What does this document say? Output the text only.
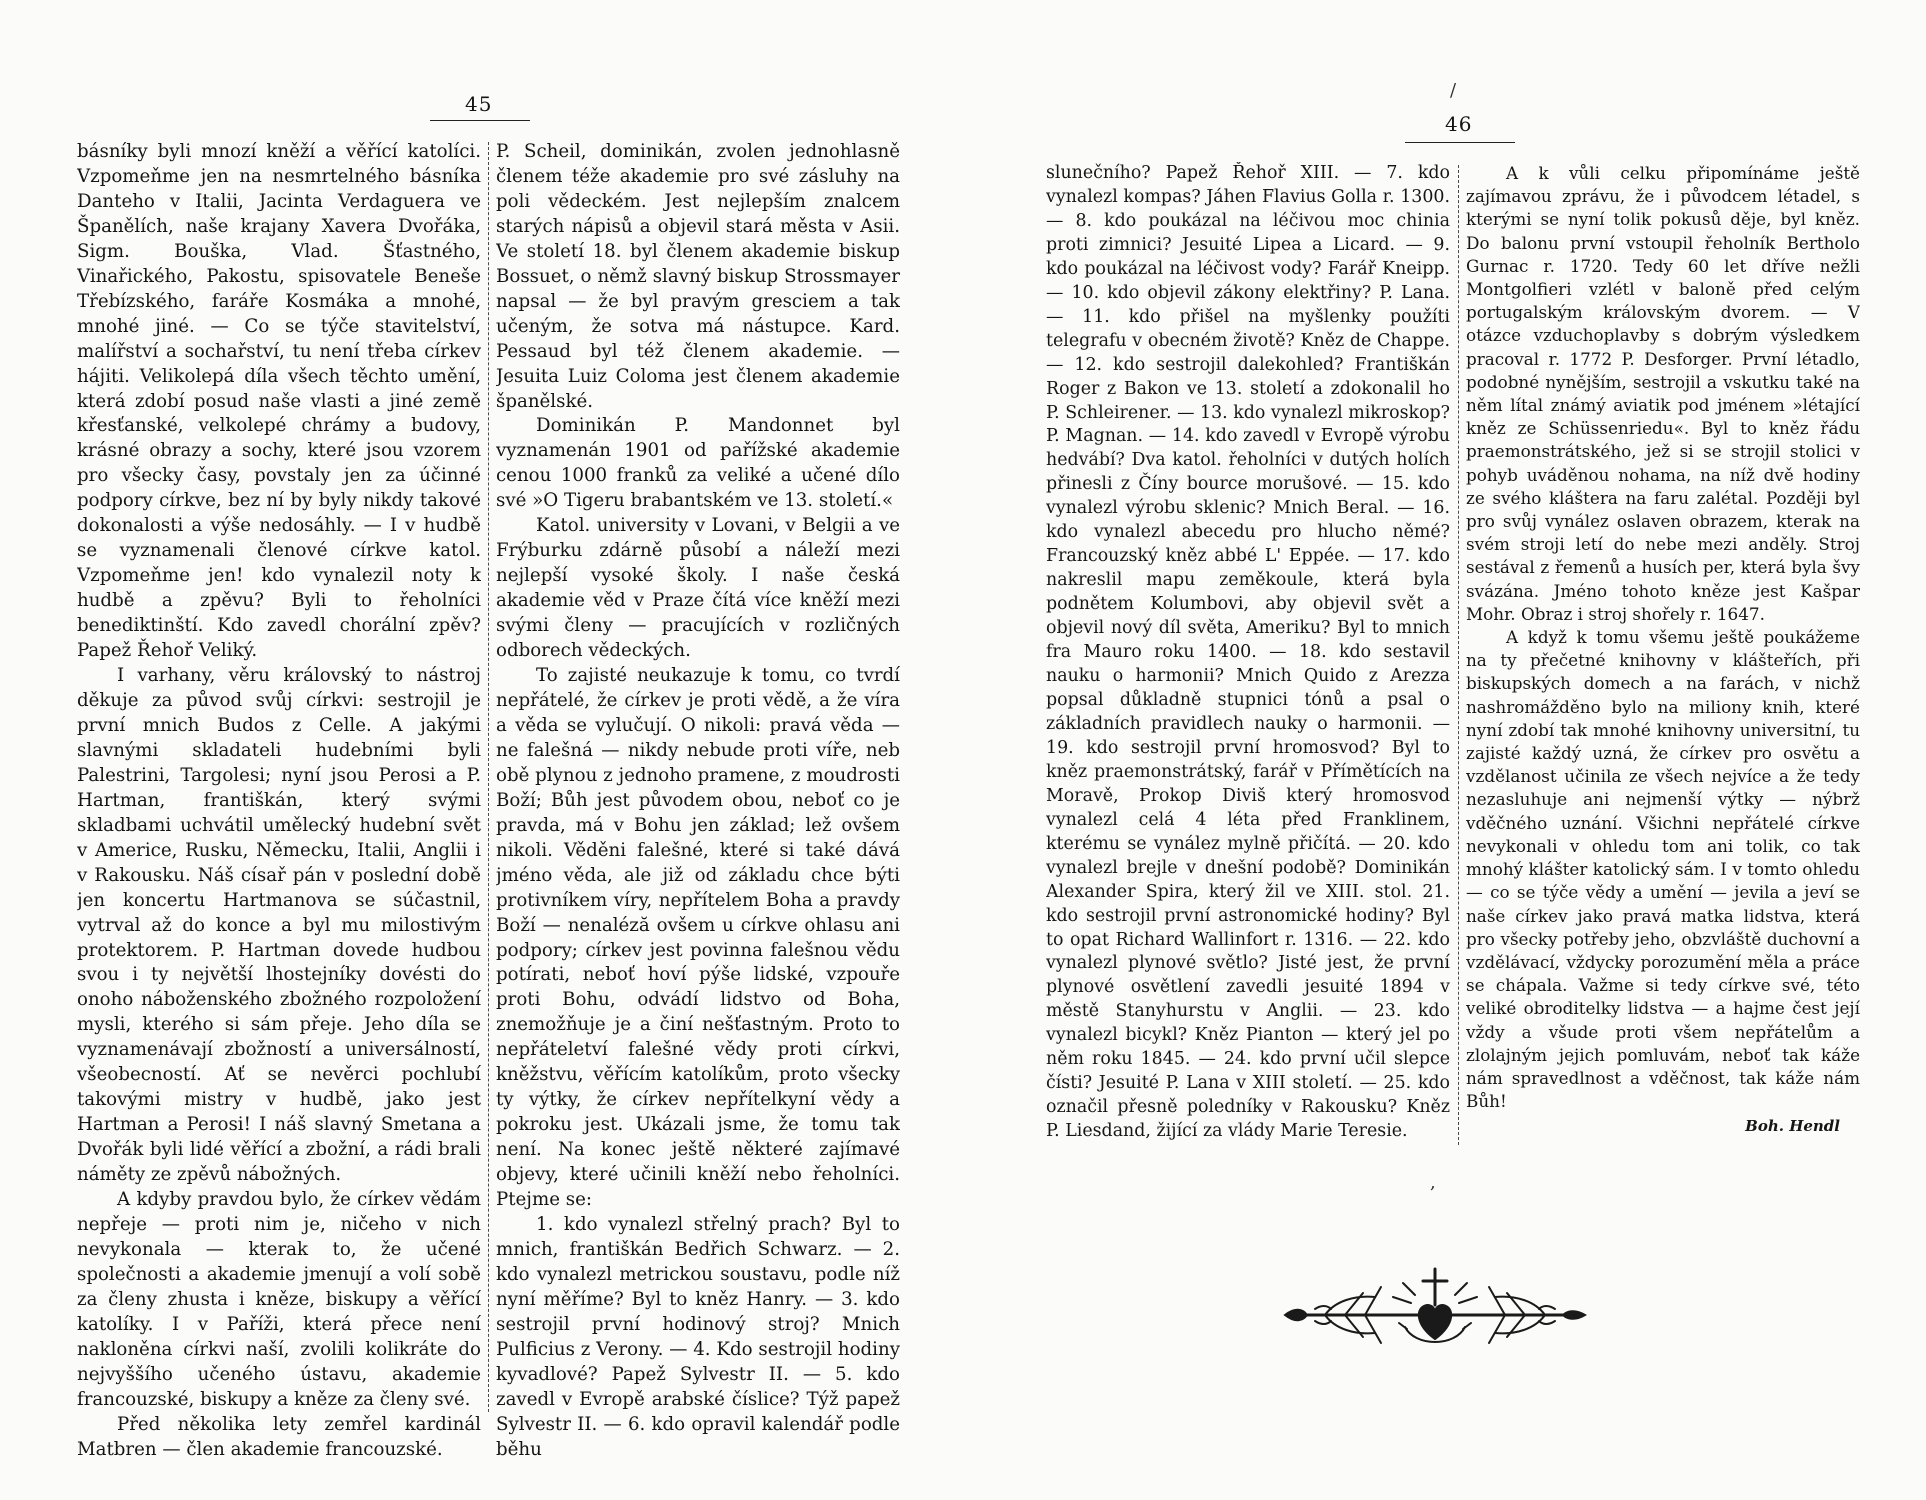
45

básníky byli mnozí kněží a věřící katolíci. Vzpomeňme jen na nesmrtelného básníka Danteho v Italii, Jacinta Verdaguera ve Španělích, naše krajany Xavera Dvořáka, Sigm. Bouška, Vlad. Šťastného, Vinařického, Pakostu, spisovatele Beneše Třebízského, faráře Kosmáka a mnohé, mnohé jiné. — Co se týče stavitelství, malířství a sochařství, tu není třeba církev hájiti. Velikolepá díla všech těchto umění, která zdobí posud naše vlasti a jiné země křesťanské, velkolepé chrámy a budovy, krásné obrazy a sochy, které jsou vzorem pro všecky časy, povstaly jen za účinné podpory církve, bez ní by byly nikdy takové dokonalosti a výše nedosáhly. — I v hudbě se vyznamenali členové církve katol. Vzpomeňme jen! kdo vynalezil noty k hudbě a zpěvu? Byli to řeholníci benediktinští. Kdo zavedl chorální zpěv? Papež Řehoř Veliký.

I varhany, věru královský to nástroj děkuje za původ svůj církvi: sestrojil je první mnich Budos z Celle. A jakými slavnými skladateli hudebními byli Palestrini, Targolesi; nyní jsou Perosi a P. Hartman, františkán, který svými skladbami uchvátil umělecký hudební svět v Americe, Rusku, Německu, Italii, Anglii i v Rakousku. Náš císař pán v poslední době jen koncertu Hartmanova se súčastnil, vytrval až do konce a byl mu milostivým protektorem. P. Hartman dovede hudbou svou i ty největší lhostejníky dovésti do onoho náboženského zbožného rozpoložení mysli, kterého si sám přeje. Jeho díla se vyznamenávají zbožností a universálností, všeobecností. Ať se nevěrci pochlubí takovými mistry v hudbě, jako jest Hartman a Perosi! I náš slavný Smetana a Dvořák byli lidé věřící a zbožní, a rádi brali náměty ze zpěvů nábožných.

A kdyby pravdou bylo, že církev vědám nepřeje — proti nim je, ničeho v nich nevykonala — kterak to, že učené společnosti a akademie jmenují a volí sobě za členy zhusta i kněze, biskupy a věřící katolíky. I v Paříži, která přece není nakloněna církvi naší, zvolili kolikráte do nejvyššího učeného ústavu, akademie francouzské, biskupy a kněze za členy své.

Před několika lety zemřel kardinál Matbren — člen akademie francouzské.

P. Scheil, dominikán, zvolen jednohlasně členem téže akademie pro své zásluhy na poli vědeckém. Jest nejlepším znalcem starých nápisů a objevil stará města v Asii. Ve století 18. byl členem akademie biskup Bossuet, o němž slavný biskup Strossmayer napsal — že byl pravým gresciem a tak učeným, že sotva má nástupce. Kard. Pessaud byl též členem akademie. — Jesuita Luiz Coloma jest členem akademie španělské.

Dominikán P. Mandonnet byl vyznamenán 1901 od pařížské akademie cenou 1000 franků za veliké a učené dílo své »O Tigeru brabantském ve 13. století.«

Katol. university v Lovani, v Belgii a ve Frýburku zdárně působí a náleží mezi nejlepší vysoké školy. I naše česká akademie věd v Praze čítá více kněží mezi svými členy — pracujících v rozličných odborech vědeckých.

To zajisté neukazuje k tomu, co tvrdí nepřátelé, že církev je proti vědě, a že víra a věda se vylučují. O nikoli: pravá věda — ne falešná — nikdy nebude proti víře, neb obě plynou z jednoho pramene, z moudrosti Boží; Bůh jest původem obou, neboť co je pravda, má v Bohu jen základ; lež ovšem nikoli. Věděni falešné, které si také dává jméno věda, ale již od základu chce býti protivníkem víry, nepřítelem Boha a pravdy Boží — nenaléză ovšem u církve ohlasu ani podpory; církev jest povinna falešnou vědu potírati, neboť hoví pýše lidské, vzpouře proti Bohu, odvádí lidstvo od Boha, znemožňuje je a činí nešťastným. Proto to nepřáteletví falešné vědy proti církvi, kněžstvu, věřícím katolíkům, proto všecky ty výtky, že církev nepřítelkyní vědy a pokroku jest. Ukázali jsme, že tomu tak není. Na konec ještě některé zajímavé objevy, které učinili kněží nebo řeholníci. Ptejme se:

1. kdo vynalezl střelný prach? Byl to mnich, františkán Bedřich Schwarz. — 2. kdo vynalezl metrickou soustavu, podle níž nyní měříme? Byl to kněz Hanry. — 3. kdo sestrojil první hodinový stroj? Mnich Pulficius z Verony. — 4. Kdo sestrojil hodiny kyvadlové? Papež Sylvestr II. — 5. kdo zavedl v Evropě arabské číslice? Týž papež Sylvestr II. — 6. kdo opravil kalendář podle běhu

/
46

slunečního? Papež Řehoř XIII. — 7. kdo vynalezl kompas? Jáhen Flavius Golla r. 1300. — 8. kdo poukázal na léčivou moc chinia proti zimnici? Jesuité Lipea a Licard. — 9. kdo poukázal na léčivost vody? Farář Kneipp. — 10. kdo objevil zákony elektřiny? P. Lana. — 11. kdo přišel na myšlenky použíti telegrafu v obecném životě? Kněz de Chappe. — 12. kdo sestrojil dalekohled? Františkán Roger z Bakon ve 13. století a zdokonalil ho P. Schleirener. — 13. kdo vynalezl mikroskop? P. Magnan. — 14. kdo zavedl v Evropě výrobu hedvábí? Dva katol. řeholníci v dutých holích přinesli z Číny bource morušové. — 15. kdo vynalezl výrobu sklenic? Mnich Beral. — 16. kdo vynalezl abecedu pro hlucho němé? Francouzský kněz abbé L' Eppée. — 17. kdo nakreslil mapu zeměkoule, která byla podnětem Kolumbovi, aby objevil svět a objevil nový díl světa, Ameriku? Byl to mnich fra Mauro roku 1400. — 18. kdo sestavil nauku o harmonii? Mnich Quido z Arezza popsal důkladně stupnici tónů a psal o základních pravidlech nauky o harmonii. — 19. kdo sestrojil první hromosvod? Byl to kněz praemonstrátský, farář v Přímětících na Moravě, Prokop Diviš který hromosvod vynalezl celá 4 léta před Franklinem, kterému se vynález mylně přičítá. — 20. kdo vynalezl brejle v dnešní podobě? Dominikán Alexander Spira, který žil ve XIII. stol. 21. kdo sestrojil první astronomické hodiny? Byl to opat Richard Wallinfort r. 1316. — 22. kdo vynalezl plynové světlo? Jisté jest, že první plynové osvětlení zavedli jesuité 1894 v městě Stanyhurstu v Anglii. — 23. kdo vynalezl bicykl? Kněz Pianton — který jel po něm roku 1845. — 24. kdo první učil slepce čísti? Jesuité P. Lana v XIII století. — 25. kdo označil přesně poledníky v Rakousku? Kněz P. Liesdand, žijící za vlády Marie Teresie.

A k vůli celku připomínáme ještě zajímavou zprávu, že i původcem létadel, s kterými se nyní tolik pokusů děje, byl kněz. Do balonu první vstoupil řeholník Bertholo Gurnac r. 1720. Tedy 60 let dříve nežli Montgolfieri vzlétl v baloně před celým portugalským královským dvorem. — V otázce vzduchoplavby s dobrým výsledkem pracoval r. 1772 P. Desforger. První létadlo, podobné nynějším, sestrojil a vskutku také na něm lítal známý aviatik pod jménem »létající kněz ze Schüssenriedu«. Byl to kněz řádu praemonstrátského, jež si se strojil stolici v pohyb uváděnou nohama, na níž dvě hodiny ze svého kláštera na faru zalétal. Později byl pro svůj vynález oslaven obrazem, kterak na svém stroji letí do nebe mezi anděly. Stroj sestával z řemenů a husích per, která byla švy svázána. Jméno tohoto kněze jest Kašpar Mohr. Obraz i stroj shořely r. 1647.

A když k tomu všemu ještě poukážeme na ty přečetné knihovny v klášteřích, při biskupských domech a na farách, v nichž nashromážděno bylo na miliony knih, které nyní zdobí tak mnohé knihovny universitní, tu zajisté každý uzná, že církev pro osvětu a vzdělanost učinila ze všech nejvíce a že tedy nezasluhuje ani nejmenší výtky — nýbrž vděčného uznání. Všichni nepřátelé církve nevykonali v ohledu tom ani tolik, co tak mnohý klášter katolický sám. I v tomto ohledu — co se týče vědy a umění — jevila a jeví se naše církev jako pravá matka lidstva, která pro všecky potřeby jeho, obzvláště duchovní a vzdělávací, vždycky porozumění měla a práce se chápala. Važme si tedy církve své, této veliké obroditelky lidstva — a hajme čest její vždy a všude proti všem nepřátelům a zlolajným jejich pomluvám, neboť tak káže nám spravedlnost a vděčnost, tak káže nám Bůh!

Boh. Hendl
,
